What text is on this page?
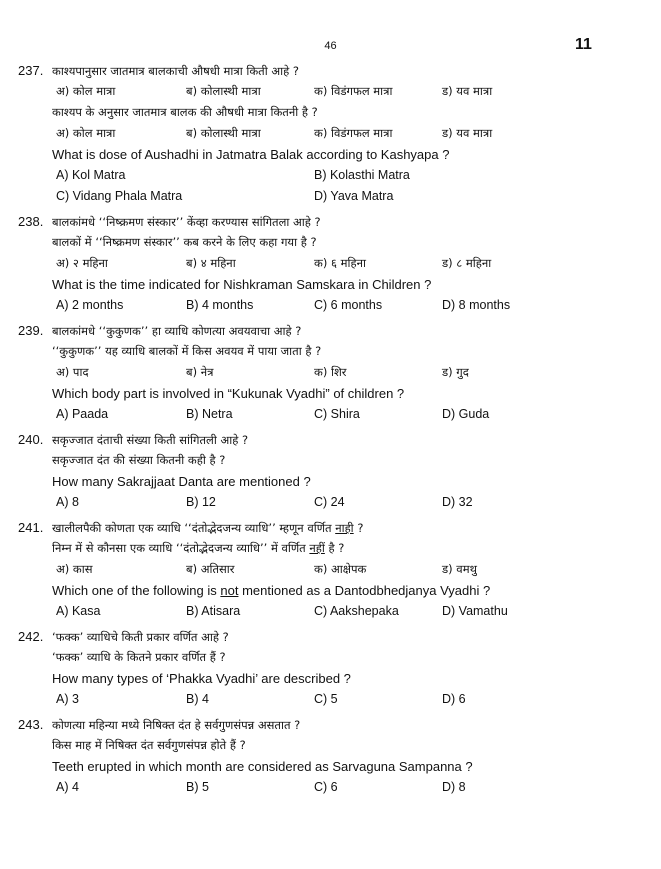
46	11
237. काश्यपानुसार जातमात्र बालकाची औषधी मात्रा किती आहे ?
अ) कोल मात्रा	ब) कोलास्थी मात्रा	क) विडंगफल मात्रा	ड) यव मात्रा
काश्यप के अनुसार जातमात्र बालक की औषधी मात्रा कितनी है ?
अ) कोल मात्रा	ब) कोलास्थी मात्रा	क) विडंगफल मात्रा	ड) यव मात्रा
What is dose of Aushadhi in Jatmatra Balak according to Kashyapa ?
A) Kol Matra	B) Kolasthi Matra
C) Vidang Phala Matra	D) Yava Matra
238. बालकांमधे ‘‘निष्क्रमण संस्कार’’ केंव्हा करण्यास सांगितला आहे ?
बालकों में ‘‘निष्क्रमण संस्कार’’ कब करने के लिए कहा गया है ?
अ) २ महिना	ब) ४ महिना	क) ६ महिना	ड) ८ महिना
What is the time indicated for Nishkraman Samskara in Children ?
A) 2 months	B) 4 months	C) 6 months	D) 8 months
239. बालकांमधे ‘‘कुकुणक’’ हा व्याधि कोणत्या अवयवाचा आहे ?
‘‘कुकुणक’’ यह व्याधि बालकों में किस अवयव में पाया जाता है ?
अ) पाद	ब) नेत्र	क) शिर	ड) गुद
Which body part is involved in “Kukunak Vyadhi” of children ?
A) Paada	B) Netra	C) Shira	D) Guda
240. सकृज्जात दंताची संख्या किती सांगितली आहे ?
सकृज्जात दंत की संख्या कितनी कही है ?
How many Sakrajjaat Danta are mentioned ?
A) 8	B) 12	C) 24	D) 32
241. खालीलपैकी कोणता एक व्याधि ‘‘दंतोद्भेदजन्य व्याधि’’ म्हणून वर्णित नाही ?
निम्न में से कौनसा एक व्याधि ‘‘दंतोद्भेदजन्य व्याधि’’ में वर्णित नहीं है ?
अ) कास	ब) अतिसार	क) आक्षेपक	ड) वमथु
Which one of the following is not mentioned as a Dantodbhedjanya Vyadhi ?
A) Kasa	B) Atisara	C) Aakshepaka	D) Vamathu
242. ‘फक्क’ व्याधिचे किती प्रकार वर्णित आहे ?
‘फक्क’ व्याधि के कितने प्रकार वर्णित हैं ?
How many types of ‘Phakka Vyadhi’ are described ?
A) 3	B) 4	C) 5	D) 6
243. कोणत्या महिन्या मध्ये निषिक्त दंत हे सर्वगुणसंपन्न असतात ?
किस माह में निषिक्त दंत सर्वगुणसंपन्न होते हैं ?
Teeth erupted in which month are considered as Sarvaguna Sampanna ?
A) 4	B) 5	C) 6	D) 8
